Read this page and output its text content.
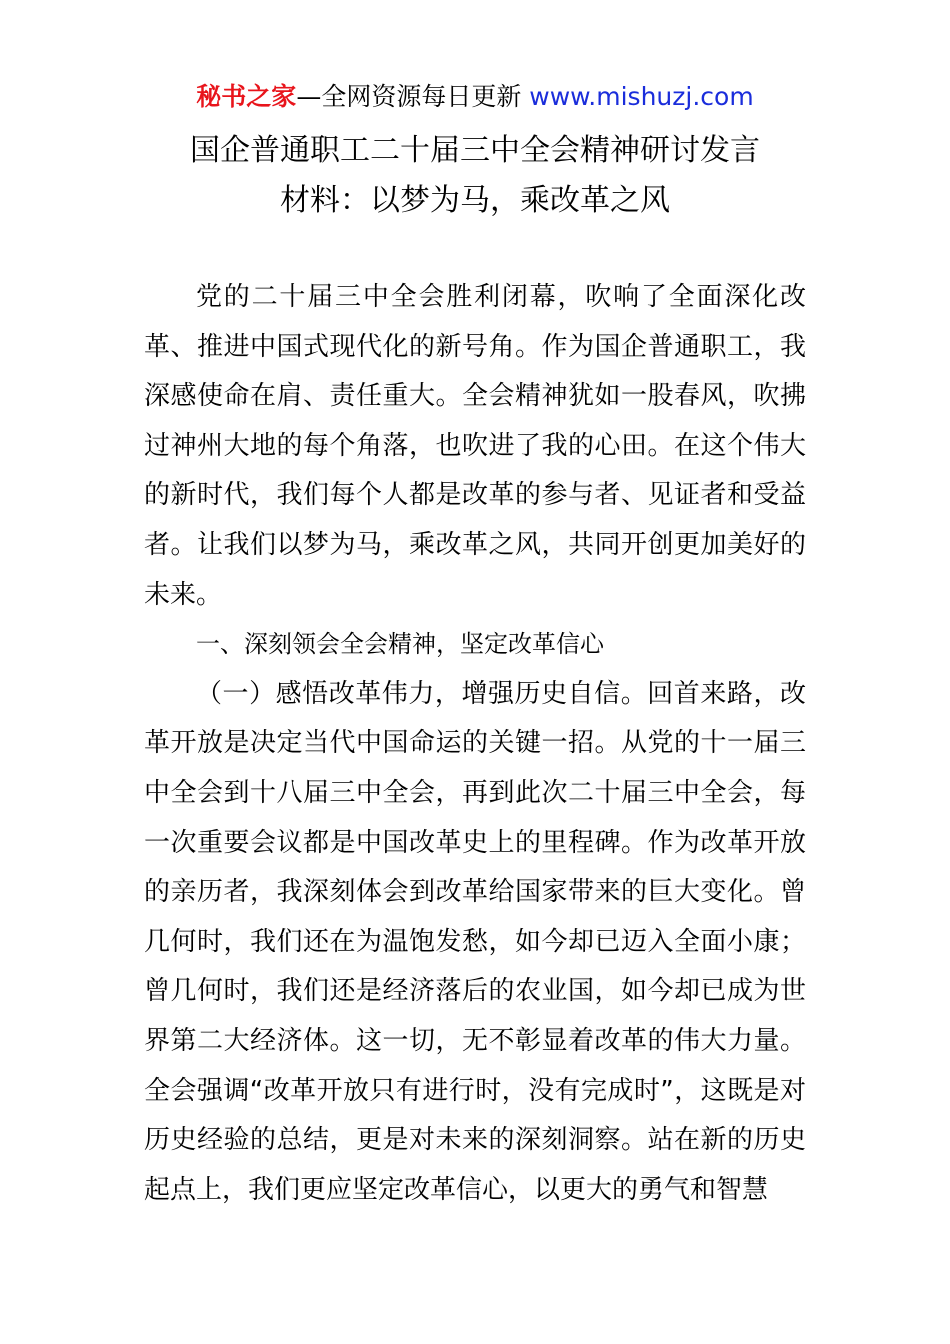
秘书之家—全网资源每日更新 www.mishuzj.com
国企普通职工二十届三中全会精神研讨发言
材料：以梦为马，乘改革之风

党的二十届三中全会胜利闭幕，吹响了全面深化改革、推进中国式现代化的新号角。作为国企普通职工，我深感使命在肩、责任重大。全会精神犹如一股春风，吹拂过神州大地的每个角落，也吹进了我的心田。在这个伟大的新时代，我们每个人都是改革的参与者、见证者和受益者。让我们以梦为马，乘改革之风，共同开创更加美好的未来。

一、深刻领会全会精神，坚定改革信心

（一）感悟改革伟力，增强历史自信。回首来路，改革开放是决定当代中国命运的关键一招。从党的十一届三中全会到十八届三中全会，再到此次二十届三中全会，每一次重要会议都是中国改革史上的里程碑。作为改革开放的亲历者，我深刻体会到改革给国家带来的巨大变化。曾几何时，我们还在为温饱发愁，如今却已迈入全面小康；曾几何时，我们还是经济落后的农业国，如今却已成为世界第二大经济体。这一切，无不彰显着改革的伟大力量。全会强调“改革开放只有进行时，没有完成时”，这既是对历史经验的总结，更是对未来的深刻洞察。站在新的历史起点上，我们更应坚定改革信心，以更大的勇气和智慧
